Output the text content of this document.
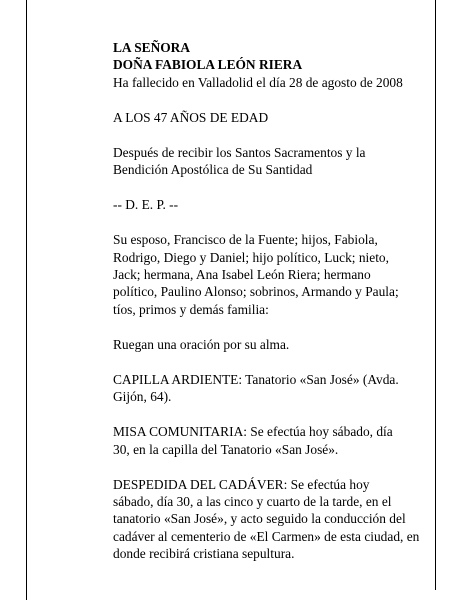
LA SEÑORA
DOÑA FABIOLA LEÓN RIERA
Ha fallecido en Valladolid el día 28 de agosto de 2008
A LOS 47 AÑOS DE EDAD
Después de recibir los Santos Sacramentos y la
Bendición Apostólica de Su Santidad
-- D. E. P. --
Su esposo, Francisco de la Fuente; hijos, Fabiola,
Rodrigo, Diego y Daniel; hijo político, Luck; nieto,
Jack; hermana, Ana Isabel León Riera; hermano
político, Paulino Alonso; sobrinos, Armando y Paula;
tíos, primos y demás familia:
Ruegan una oración por su alma.
CAPILLA ARDIENTE: Tanatorio «San José» (Avda.
Gijón, 64).
MISA COMUNITARIA: Se efectúa hoy sábado, día
30, en la capilla del Tanatorio «San José».
DESPEDIDA DEL CADÁVER: Se efectúa hoy
sábado, día 30, a las cinco y cuarto de la tarde, en el
tanatorio «San José», y acto seguido la conducción del
cadáver al cementerio de «El Carmen» de esta ciudad, en
donde recibirá cristiana sepultura.
